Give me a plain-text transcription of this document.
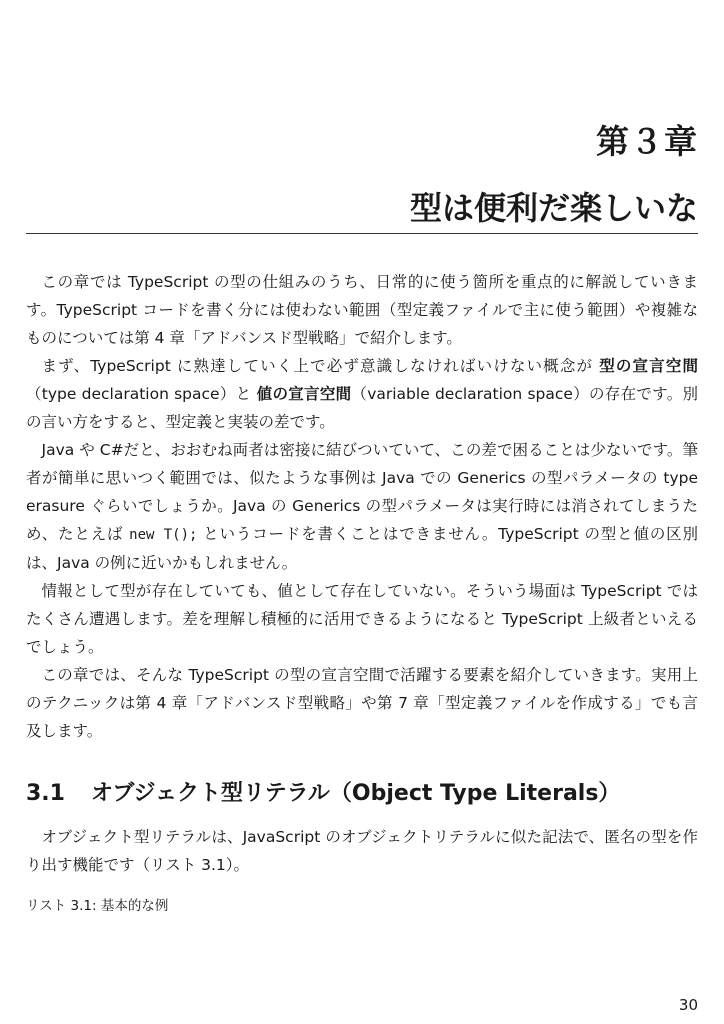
第３章
型は便利だ楽しいな

この章では TypeScript の型の仕組みのうち、日常的に使う箇所を重点的に解説していきます。TypeScript コードを書く分には使わない範囲（型定義ファイルで主に使う範囲）や複雑なものについては第 4 章「アドバンスド型戦略」で紹介します。

まず、TypeScript に熟達していく上で必ず意識しなければいけない概念が 型の宣言空間（type declaration space）と 値の宣言空間（variable declaration space）の存在です。別の言い方をすると、型定義と実装の差です。

Java や C#だと、おおむね両者は密接に結びついていて、この差で困ることは少ないです。筆者が簡単に思いつく範囲では、似たような事例は Java での Generics の型パラメータの type erasure ぐらいでしょうか。Java の Generics の型パラメータは実行時には消されてしまうため、たとえば new T(); というコードを書くことはできません。TypeScript の型と値の区別は、Java の例に近いかもしれません。

情報として型が存在していても、値として存在していない。そういう場面は TypeScript ではたくさん遭遇します。差を理解し積極的に活用できるようになると TypeScript 上級者といえるでしょう。

この章では、そんな TypeScript の型の宣言空間で活躍する要素を紹介していきます。実用上のテクニックは第 4 章「アドバンスド型戦略」や第 7 章「型定義ファイルを作成する」でも言及します。

3.1 オブジェクト型リテラル（Object Type Literals）

オブジェクト型リテラルは、JavaScript のオブジェクトリテラルに似た記法で、匿名の型を作り出す機能です（リスト 3.1）。

リスト 3.1: 基本的な例
30
